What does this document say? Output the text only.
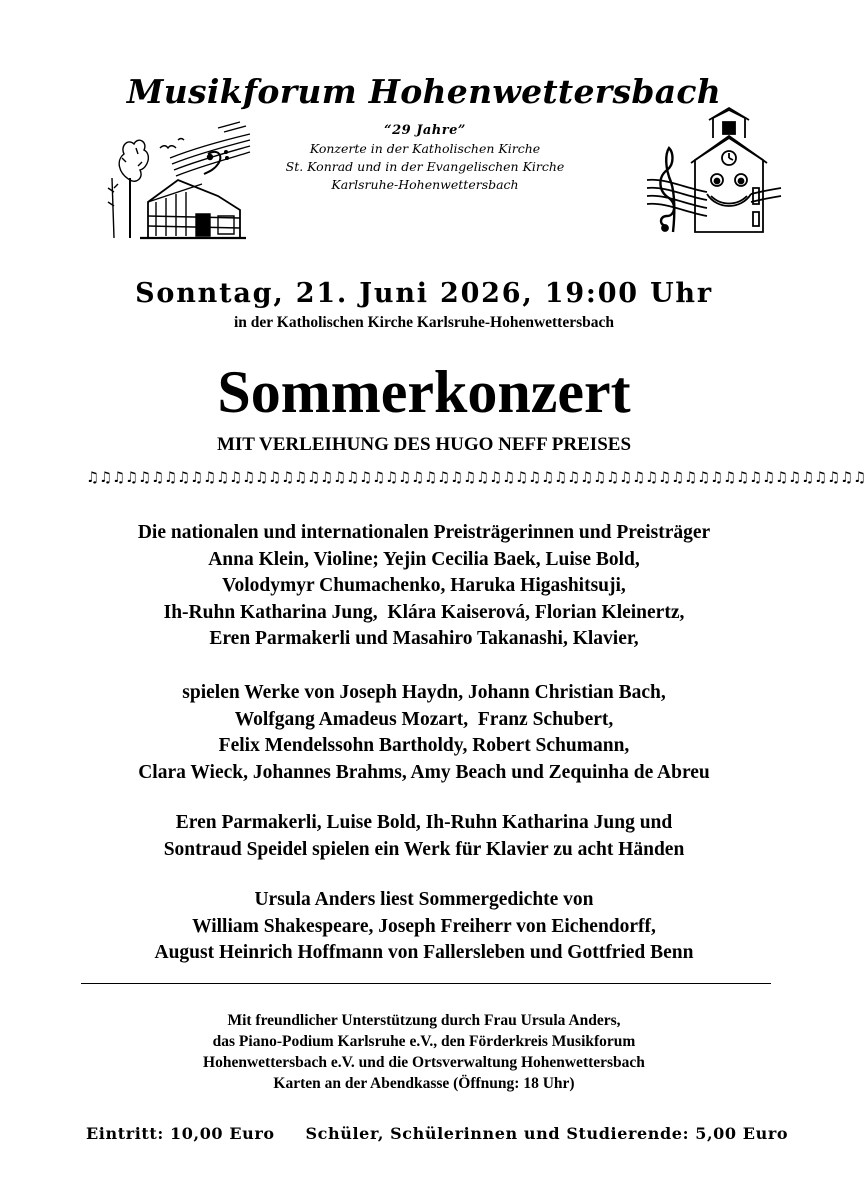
Musikforum Hohenwettersbach
“29 Jahre”
Konzerte in der Katholischen Kirche
St. Konrad und in der Evangelischen Kirche
Karlsruhe-Hohenwettersbach
Sonntag, 21. Juni 2026, 19:00 Uhr
in der Katholischen Kirche Karlsruhe-Hohenwettersbach
Sommerkonzert
MIT VERLEIHUNG DES HUGO NEFF PREISES
♫♫♫♫♫♫♫♫♫♫♫♫♫♫♫♫♫♫♫♫♫♫♫♫♫♫♫♫♫♫♫♫♫♫♫♫♫♫♫♫♫♫♫♫♫♫♫♫♫♫♫♫♫♫♫♫♫♫♫♫
Die nationalen und internationalen Preisträgerinnen und Preisträger
Anna Klein, Violine; Yejin Cecilia Baek, Luise Bold,
Volodymyr Chumachenko, Haruka Higashitsuji,
Ih-Ruhn Katharina Jung,  Klára Kaiserová, Florian Kleinertz,
Eren Parmakerli und Masahiro Takanashi, Klavier,
spielen Werke von Joseph Haydn, Johann Christian Bach,
Wolfgang Amadeus Mozart,  Franz Schubert,
Felix Mendelssohn Bartholdy, Robert Schumann,
Clara Wieck, Johannes Brahms, Amy Beach und Zequinha de Abreu
Eren Parmakerli, Luise Bold, Ih-Ruhn Katharina Jung und
Sontraud Speidel spielen ein Werk für Klavier zu acht Händen
Ursula Anders liest Sommergedichte von
William Shakespeare, Joseph Freiherr von Eichendorff,
August Heinrich Hoffmann von Fallersleben und Gottfried Benn
Mit freundlicher Unterstützung durch Frau Ursula Anders,
das Piano-Podium Karlsruhe e.V., den Förderkreis Musikforum
Hohenwettersbach e.V. und die Ortsverwaltung Hohenwettersbach
Karten an der Abendkasse (Öffnung: 18 Uhr)
Eintritt: 10,00 Euro Schüler, Schülerinnen und Studierende: 5,00 Euro
